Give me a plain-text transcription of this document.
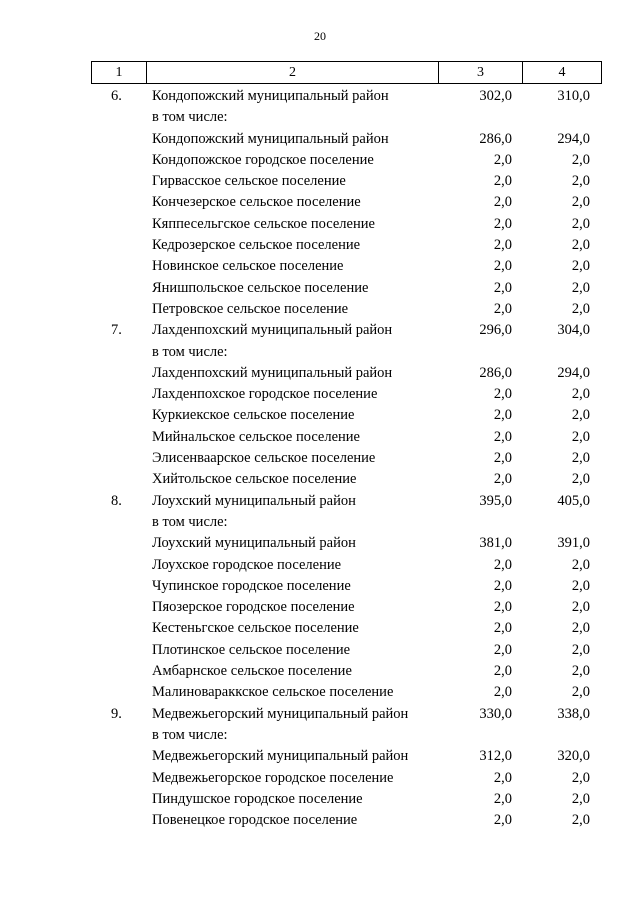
20
1	2	3	4
6.	Кондопожский муниципальный район	302,0	310,0
в том числе:
Кондопожский муниципальный район	286,0	294,0
Кондопожское городское поселение	2,0	2,0
Гирвасское сельское поселение	2,0	2,0
Кончезерское сельское поселение	2,0	2,0
Кяппесельгское сельское поселение	2,0	2,0
Кедрозерское сельское поселение	2,0	2,0
Новинское сельское поселение	2,0	2,0
Янишпольское сельское поселение	2,0	2,0
Петровское сельское поселение	2,0	2,0
7.	Лахденпохский муниципальный район	296,0	304,0
в том числе:
Лахденпохский муниципальный район	286,0	294,0
Лахденпохское городское поселение	2,0	2,0
Куркиекское сельское поселение	2,0	2,0
Мийнальское сельское поселение	2,0	2,0
Элисенваарское сельское поселение	2,0	2,0
Хийтольское сельское поселение	2,0	2,0
8.	Лоухский муниципальный район	395,0	405,0
в том числе:
Лоухский муниципальный район	381,0	391,0
Лоухское городское поселение	2,0	2,0
Чупинское городское поселение	2,0	2,0
Пяозерское городское поселение	2,0	2,0
Кестеньгское сельское поселение	2,0	2,0
Плотинское сельское поселение	2,0	2,0
Амбарнское сельское поселение	2,0	2,0
Малиновараккское сельское поселение	2,0	2,0
9.	Медвежьегорский муниципальный район	330,0	338,0
в том числе:
Медвежьегорский муниципальный район	312,0	320,0
Медвежьегорское городское поселение	2,0	2,0
Пиндушское городское поселение	2,0	2,0
Повенецкое городское поселение	2,0	2,0
